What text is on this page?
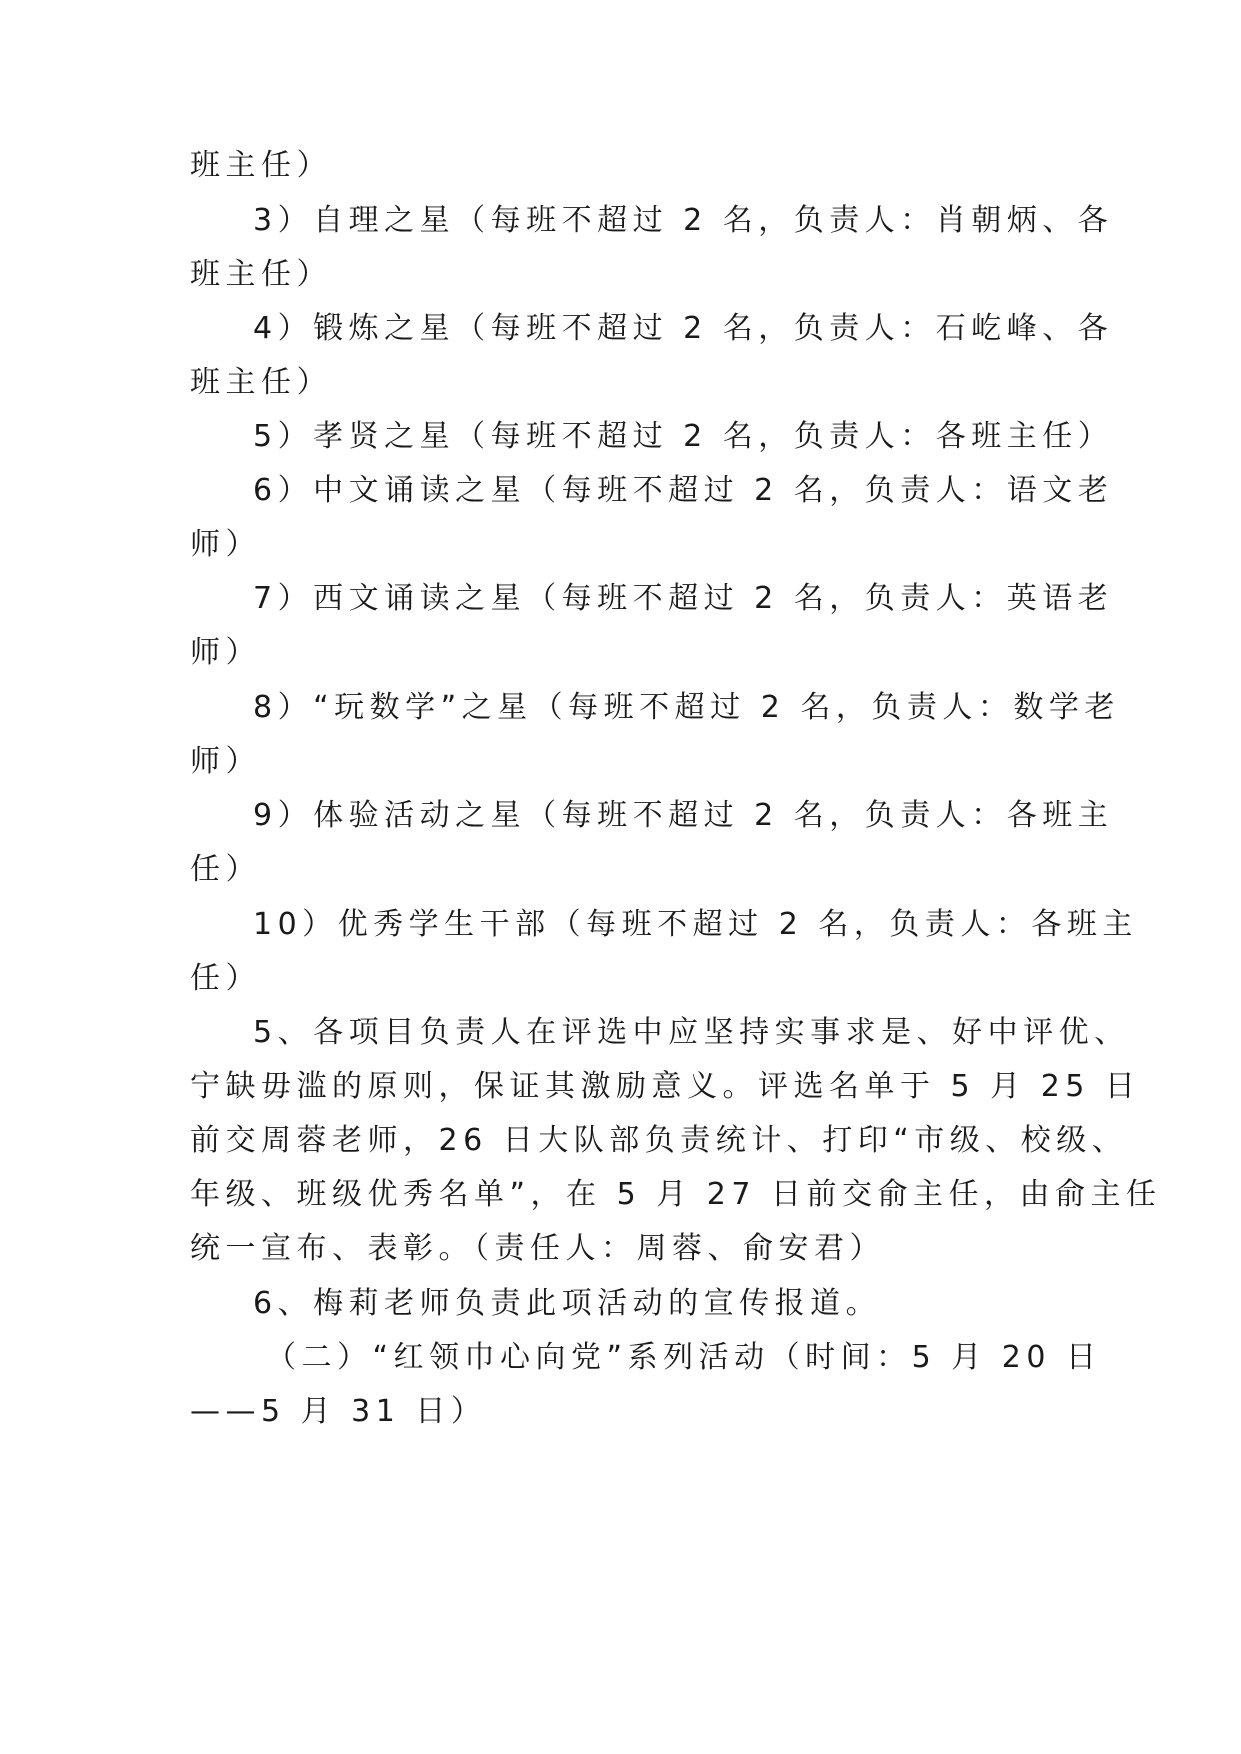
班主任）
3）自理之星（每班不超过 2 名，负责人：肖朝炳、各
班主任）
4）锻炼之星（每班不超过 2 名，负责人：石屹峰、各
班主任）
5）孝贤之星（每班不超过 2 名，负责人：各班主任）
6）中文诵读之星（每班不超过 2 名，负责人：语文老
师）
7）西文诵读之星（每班不超过 2 名，负责人：英语老
师）
8）“玩数学”之星（每班不超过 2 名，负责人：数学老
师）
9）体验活动之星（每班不超过 2 名，负责人：各班主
任）
10）优秀学生干部（每班不超过 2 名，负责人：各班主
任）
5、各项目负责人在评选中应坚持实事求是、好中评优、
宁缺毋滥的原则，保证其激励意义。评选名单于 5 月 25 日
前交周蓉老师，26 日大队部负责统计、打印“市级、校级、
年级、班级优秀名单”，在 5 月 27 日前交俞主任，由俞主任
统一宣布、表彰。（责任人：周蓉、俞安君）
6、梅莉老师负责此项活动的宣传报道。
（二）“红领巾心向党”系列活动（时间：5 月 20 日
——5 月 31 日）
